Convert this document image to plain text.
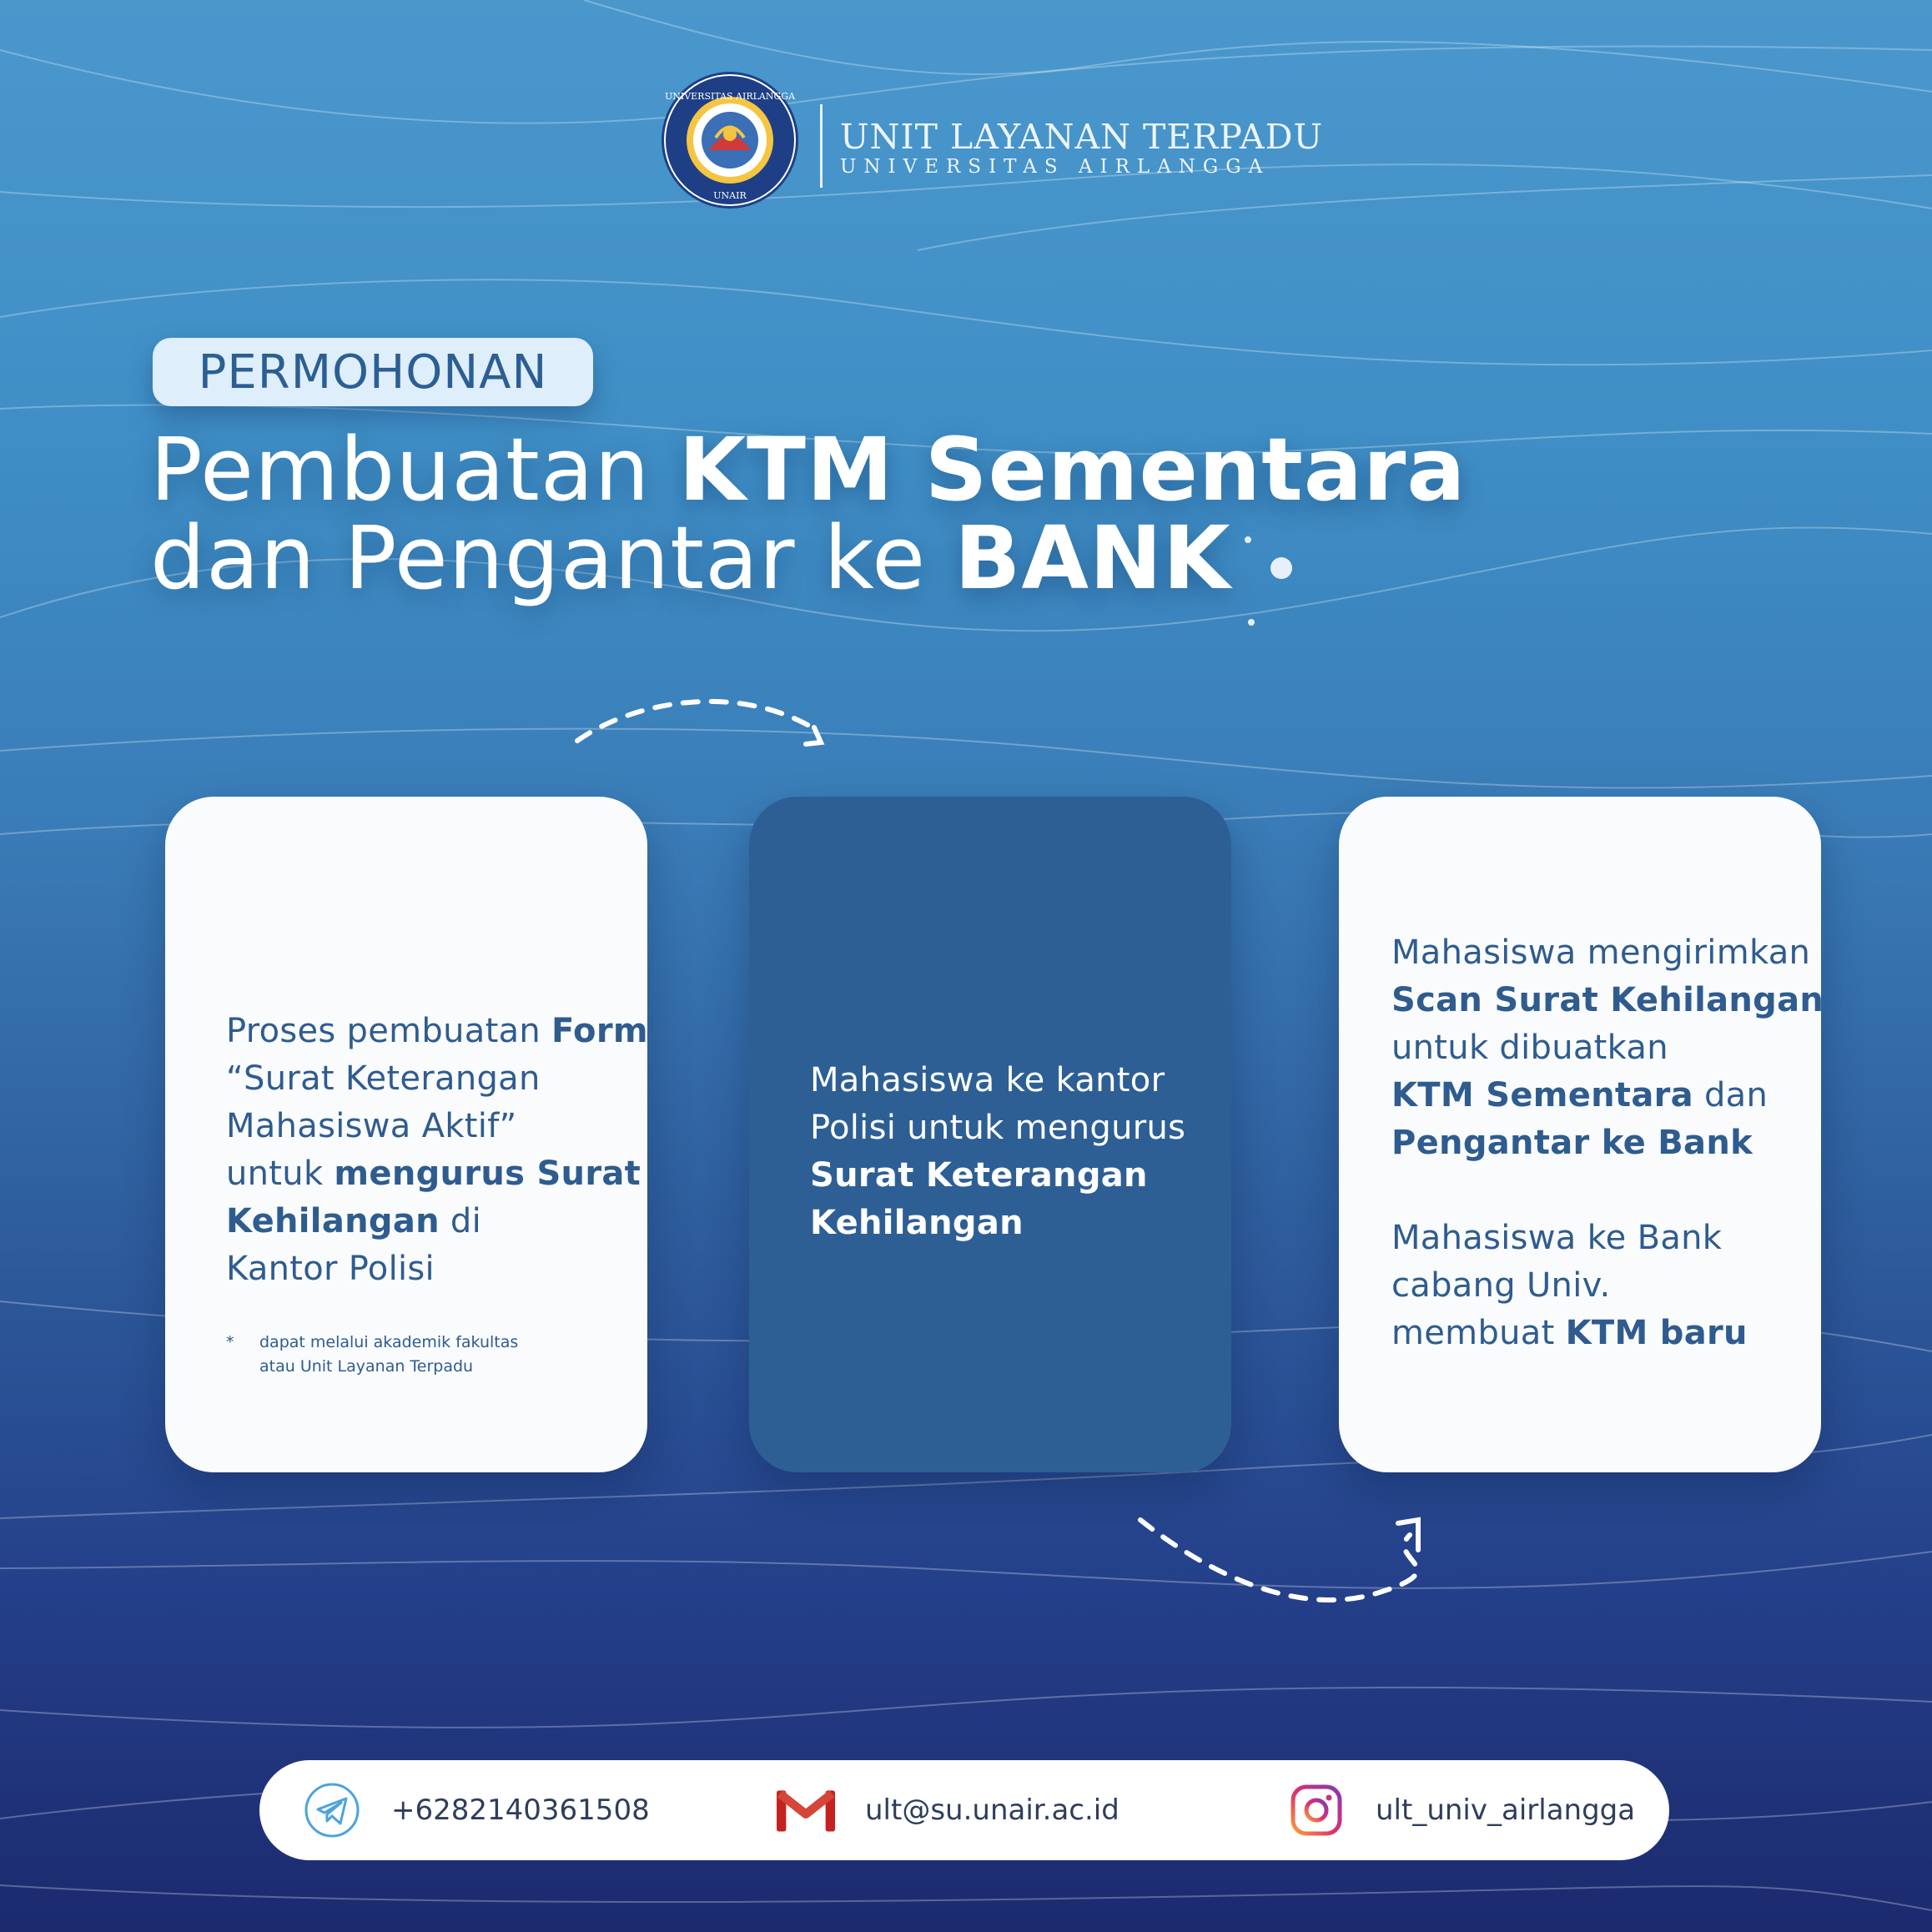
UNIVERSITAS AIRLANGGA
UNAIR
UNIT LAYANAN TERPADU
UNIVERSITAS AIRLANGGA
PERMOHONAN
Pembuatan KTM Sementara
dan Pengantar ke BANK
Proses pembuatan Form
“Surat Keterangan
Mahasiswa Aktif”
untuk mengurus Surat
Kehilangan di
Kantor Polisi
* dapat melalui akademik fakultas
atau Unit Layanan Terpadu
Mahasiswa ke kantor
Polisi untuk mengurus
Surat Keterangan
Kehilangan
Mahasiswa mengirimkan
Scan Surat Kehilangan
untuk dibuatkan
KTM Sementara dan
Pengantar ke Bank
Mahasiswa ke Bank
cabang Univ.
membuat KTM baru
+6282140361508	ult@su.unair.ac.id	ult_univ_airlangga
